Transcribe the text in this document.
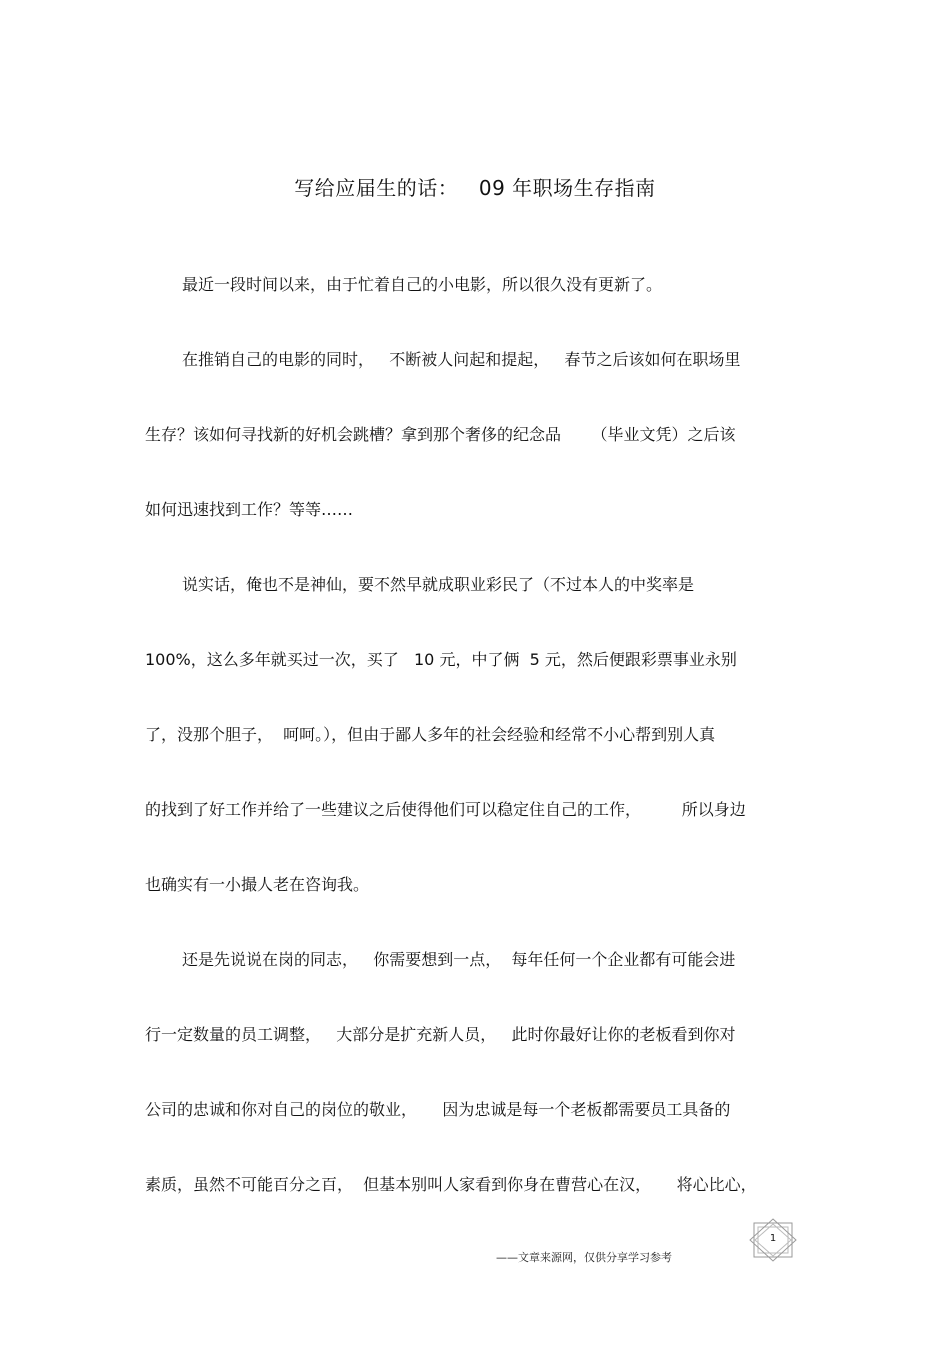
写给应届生的话：   09 年职场生存指南
最近一段时间以来，由于忙着自己的小电影，所以很久没有更新了。
在推销自己的电影的同时，   不断被人问起和提起，   春节之后该如何在职场里
生存？该如何寻找新的好机会跳槽？拿到那个奢侈的纪念品      （毕业文凭）之后该
如何迅速找到工作？等等……
说实话，俺也不是神仙，要不然早就成职业彩民了（不过本人的中奖率是
100%，这么多年就买过一次，买了   10 元，中了俩  5 元，然后便跟彩票事业永别
了，没那个胆子，  呵呵。），但由于鄙人多年的社会经验和经常不小心帮到别人真
的找到了好工作并给了一些建议之后使得他们可以稳定住自己的工作，        所以身边
也确实有一小撮人老在咨询我。
还是先说说在岗的同志，   你需要想到一点，  每年任何一个企业都有可能会进
行一定数量的员工调整，   大部分是扩充新人员，   此时你最好让你的老板看到你对
公司的忠诚和你对自己的岗位的敬业，     因为忠诚是每一个老板都需要员工具备的
素质，虽然不可能百分之百，  但基本别叫人家看到你身在曹营心在汉，     将心比心，
——文章来源网，仅供分享学习参考
1
